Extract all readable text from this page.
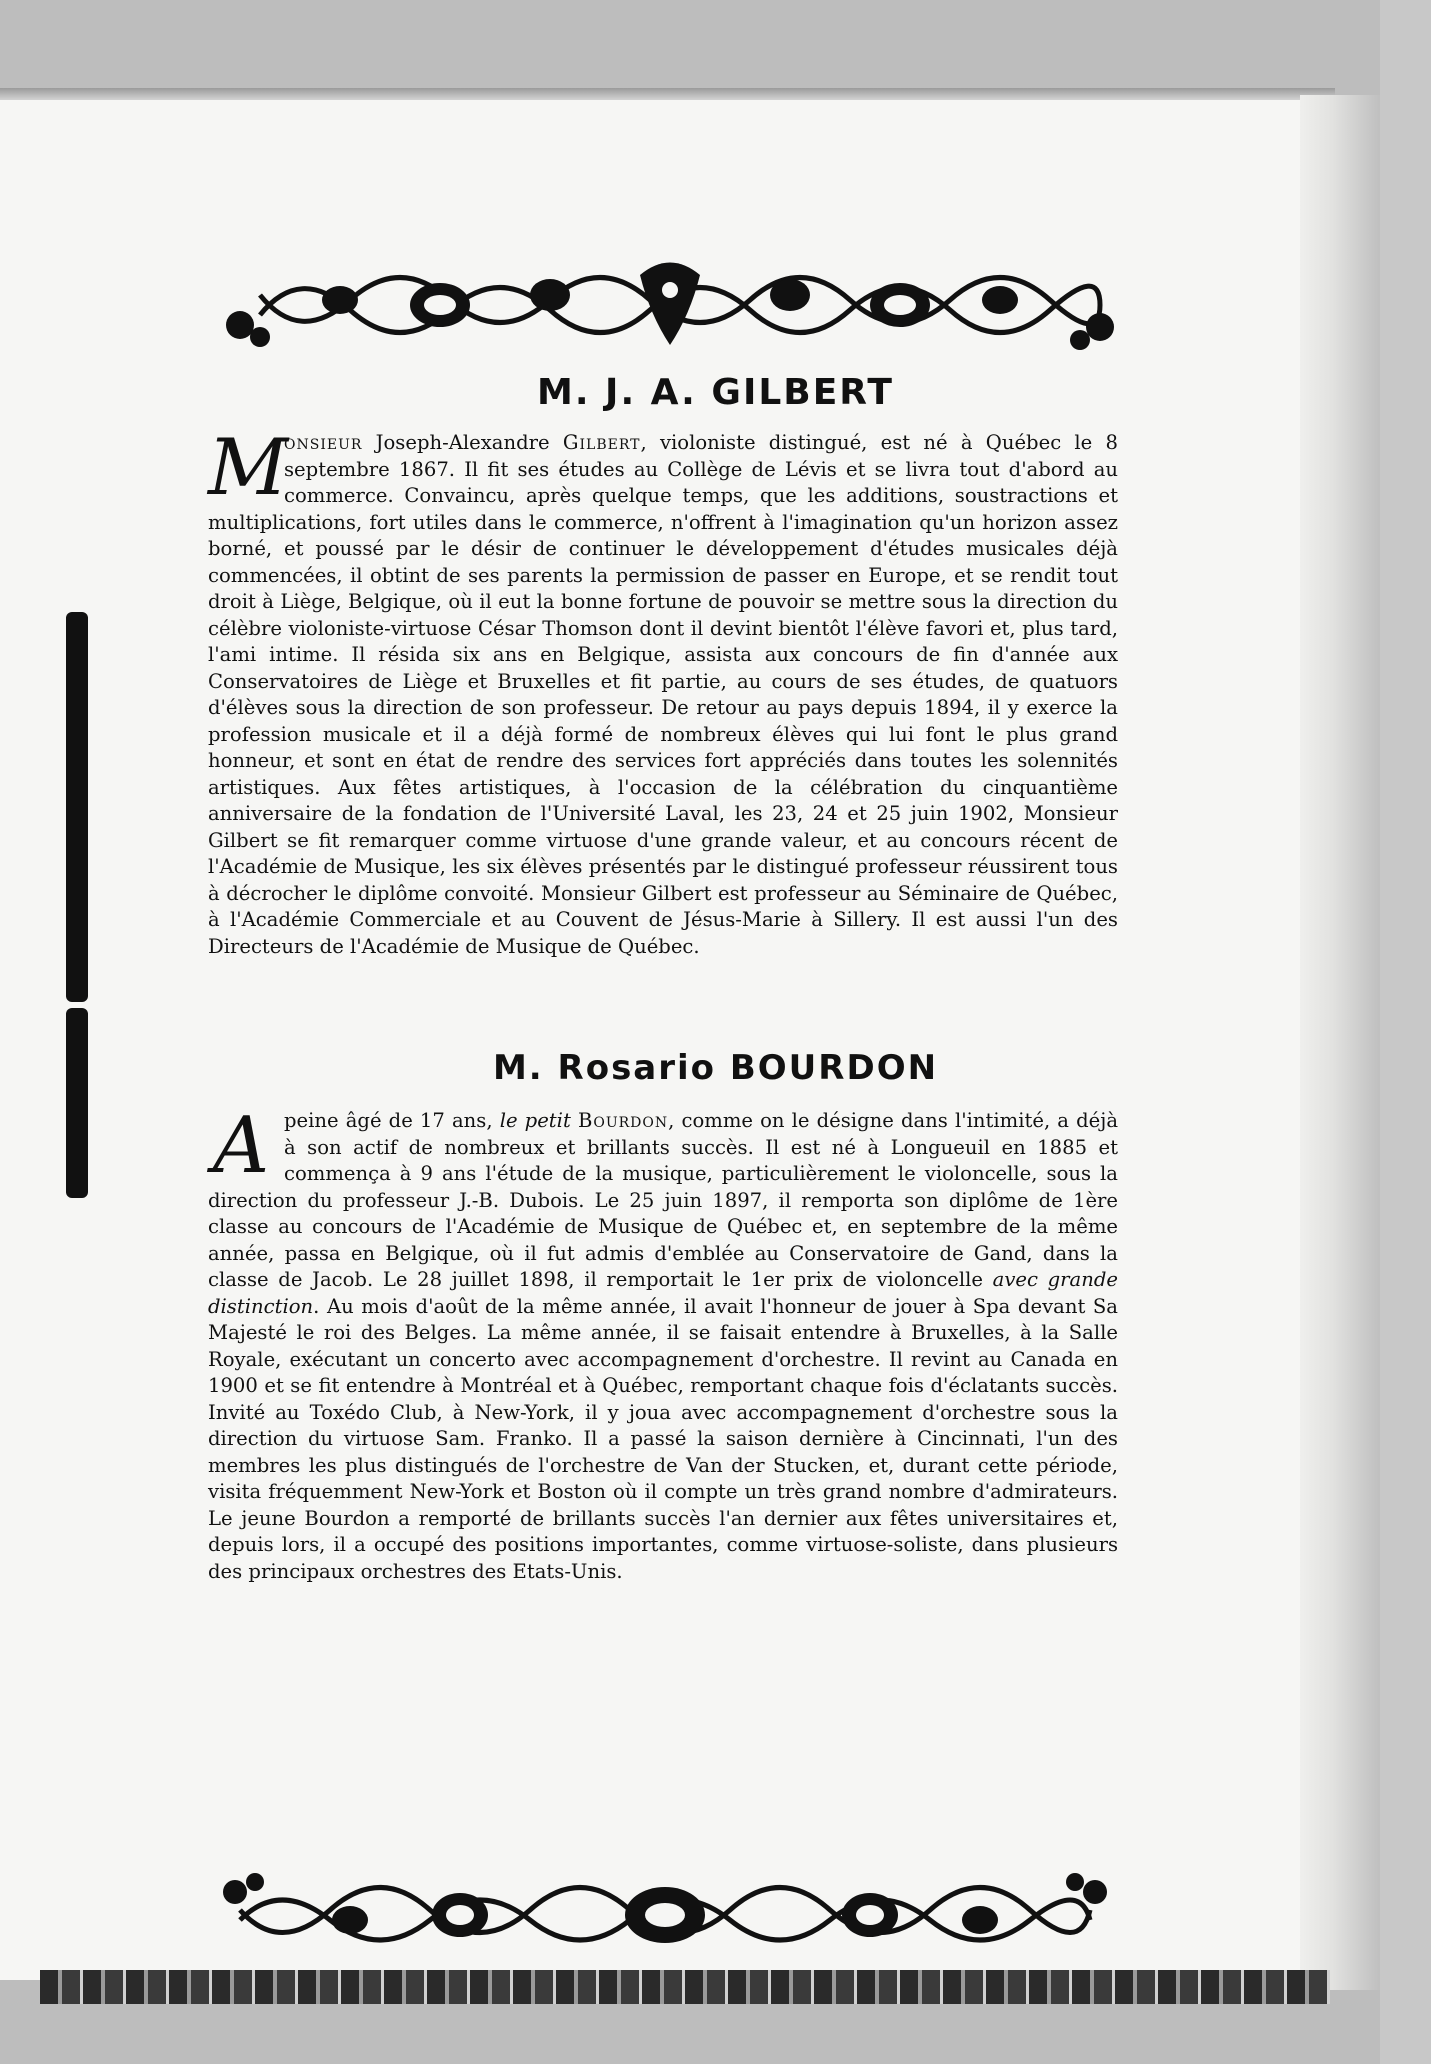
M. J. A. GILBERT
M
onsieur Joseph-Alexandre Gilbert, violoniste distingué, est né à Québec le 8 septembre 1867. Il fit ses études au Collège de Lévis et se livra tout d'abord au commerce. Convaincu, après quelque temps, que les additions, soustractions et multiplications, fort utiles dans le commerce, n'offrent à l'imagination qu'un horizon assez borné, et poussé par le désir de continuer le développement d'études musicales déjà commencées, il obtint de ses parents la permission de passer en Europe, et se rendit tout droit à Liège, Belgique, où il eut la bonne fortune de pouvoir se mettre sous la direction du célèbre violoniste-virtuose César Thomson dont il devint bientôt l'élève favori et, plus tard, l'ami intime. Il résida six ans en Belgique, assista aux concours de fin d'année aux Conservatoires de Liège et Bruxelles et fit partie, au cours de ses études, de quatuors d'élèves sous la direction de son professeur. De retour au pays depuis 1894, il y exerce la profession musicale et il a déjà formé de nombreux élèves qui lui font le plus grand honneur, et sont en état de rendre des services fort appréciés dans toutes les solennités artistiques. Aux fêtes artistiques, à l'occasion de la célébration du cinquantième anniversaire de la fondation de l'Université Laval, les 23, 24 et 25 juin 1902, Monsieur Gilbert se fit remarquer comme virtuose d'une grande valeur, et au concours récent de l'Académie de Musique, les six élèves présentés par le distingué professeur réussirent tous à décrocher le diplôme convoité. Monsieur Gilbert est professeur au Séminaire de Québec, à l'Académie Commerciale et au Couvent de Jésus-Marie à Sillery. Il est aussi l'un des Directeurs de l'Académie de Musique de Québec.
M. Rosario BOURDON
A peine âgé de 17 ans, le petit Bourdon, comme on le désigne dans l'intimité, a déjà à son actif de nombreux et brillants succès. Il est né à Longueuil en 1885 et commença à 9 ans l'étude de la musique, particulièrement le violoncelle, sous la direction du professeur J.-B. Dubois. Le 25 juin 1897, il remporta son diplôme de 1ère classe au concours de l'Académie de Musique de Québec et, en septembre de la même année, passa en Belgique, où il fut admis d'emblée au Conservatoire de Gand, dans la classe de Jacob. Le 28 juillet 1898, il remportait le 1er prix de violoncelle avec grande distinction. Au mois d'août de la même année, il avait l'honneur de jouer à Spa devant Sa Majesté le roi des Belges. La même année, il se faisait entendre à Bruxelles, à la Salle Royale, exécutant un concerto avec accompagnement d'orchestre. Il revint au Canada en 1900 et se fit entendre à Montréal et à Québec, remportant chaque fois d'éclatants succès. Invité au Toxédo Club, à New-York, il y joua avec accompagnement d'orchestre sous la direction du virtuose Sam. Franko. Il a passé la saison dernière à Cincinnati, l'un des membres les plus distingués de l'orchestre de Van der Stucken, et, durant cette période, visita fréquemment New-York et Boston où il compte un très grand nombre d'admirateurs. Le jeune Bourdon a remporté de brillants succès l'an dernier aux fêtes universitaires et, depuis lors, il a occupé des positions importantes, comme virtuose-soliste, dans plusieurs des principaux orchestres des Etats-Unis.
